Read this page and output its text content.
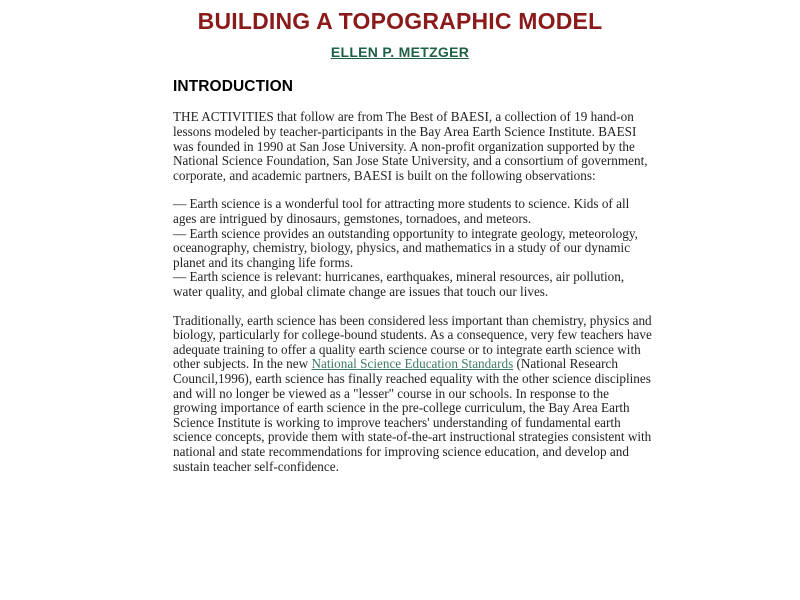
BUILDING A TOPOGRAPHIC MODEL
ELLEN P. METZGER
INTRODUCTION

THE ACTIVITIES that follow are from The Best of BAESI, a collection of 19 hand-on lessons modeled by teacher-participants in the Bay Area Earth Science Institute. BAESI was founded in 1990 at San Jose University. A non-profit organization supported by the National Science Foundation, San Jose State University, and a consortium of government, corporate, and academic partners, BAESI is built on the following observations:

— Earth science is a wonderful tool for attracting more students to science. Kids of all ages are intrigued by dinosaurs, gemstones, tornadoes, and meteors.

— Earth science provides an outstanding opportunity to integrate geology, meteorology, oceanography, chemistry, biology, physics, and mathematics in a study of our dynamic planet and its changing life forms.

— Earth science is relevant: hurricanes, earthquakes, mineral resources, air pollution, water quality, and global climate change are issues that touch our lives.

Traditionally, earth science has been considered less important than chemistry, physics and biology, particularly for college-bound students. As a consequence, very few teachers have adequate training to offer a quality earth science course or to integrate earth science with other subjects. In the new National Science Education Standards (National Research Council,1996), earth science has finally reached equality with the other science disciplines and will no longer be viewed as a "lesser" course in our schools. In response to the growing importance of earth science in the pre-college curriculum, the Bay Area Earth Science Institute is working to improve teachers' understanding of fundamental earth science concepts, provide them with state-of-the-art instructional strategies consistent with national and state recommendations for improving science education, and develop and sustain teacher self-confidence.
